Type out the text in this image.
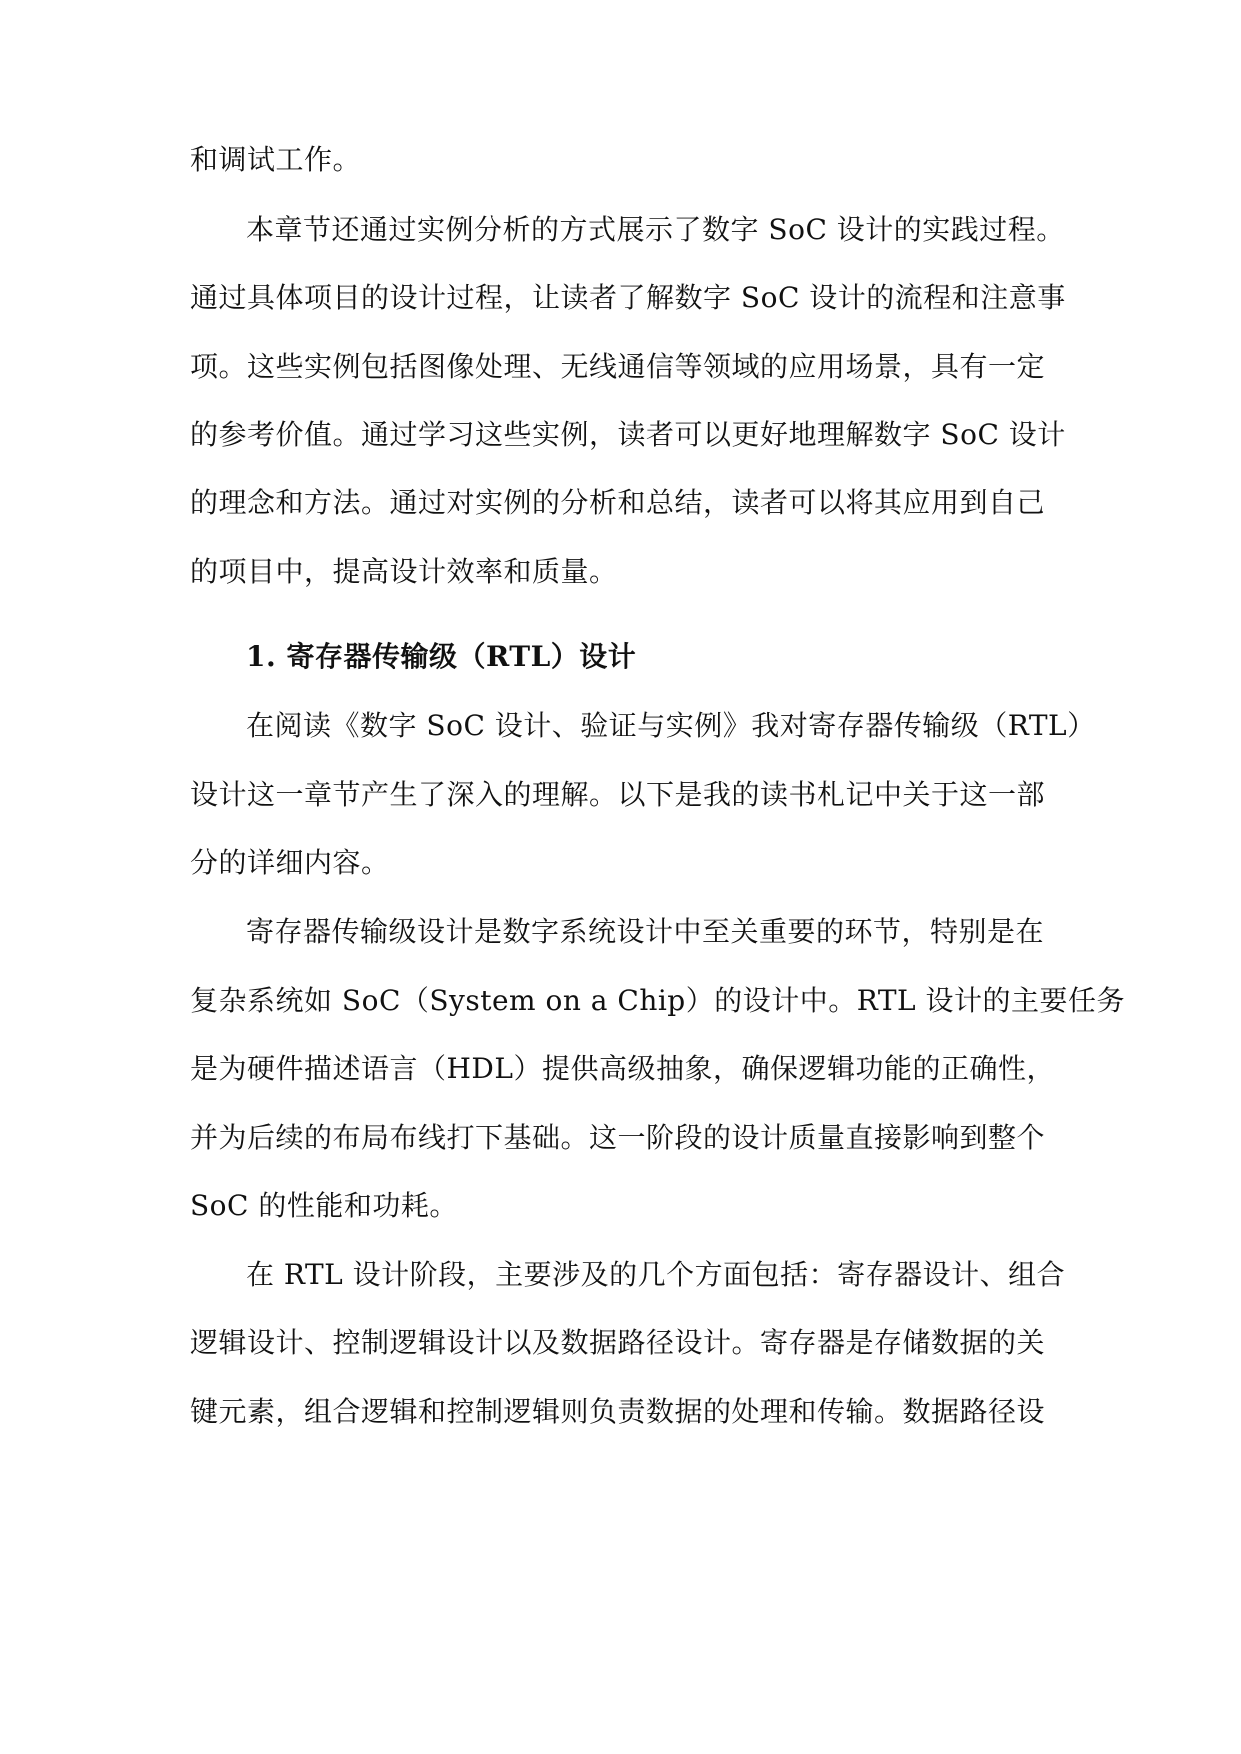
和调试工作。
本章节还通过实例分析的方式展示了数字 SoC 设计的实践过程。
通过具体项目的设计过程，让读者了解数字 SoC 设计的流程和注意事
项。这些实例包括图像处理、无线通信等领域的应用场景，具有一定
的参考价值。通过学习这些实例，读者可以更好地理解数字 SoC 设计
的理念和方法。通过对实例的分析和总结，读者可以将其应用到自己
的项目中，提高设计效率和质量。
1. 寄存器传输级（RTL）设计
在阅读《数字 SoC 设计、验证与实例》我对寄存器传输级（RTL）
设计这一章节产生了深入的理解。以下是我的读书札记中关于这一部
分的详细内容。
寄存器传输级设计是数字系统设计中至关重要的环节，特别是在
复杂系统如 SoC（System on a Chip）的设计中。RTL 设计的主要任务
是为硬件描述语言（HDL）提供高级抽象，确保逻辑功能的正确性，
并为后续的布局布线打下基础。这一阶段的设计质量直接影响到整个
SoC 的性能和功耗。
在 RTL 设计阶段，主要涉及的几个方面包括：寄存器设计、组合
逻辑设计、控制逻辑设计以及数据路径设计。寄存器是存储数据的关
键元素，组合逻辑和控制逻辑则负责数据的处理和传输。数据路径设
